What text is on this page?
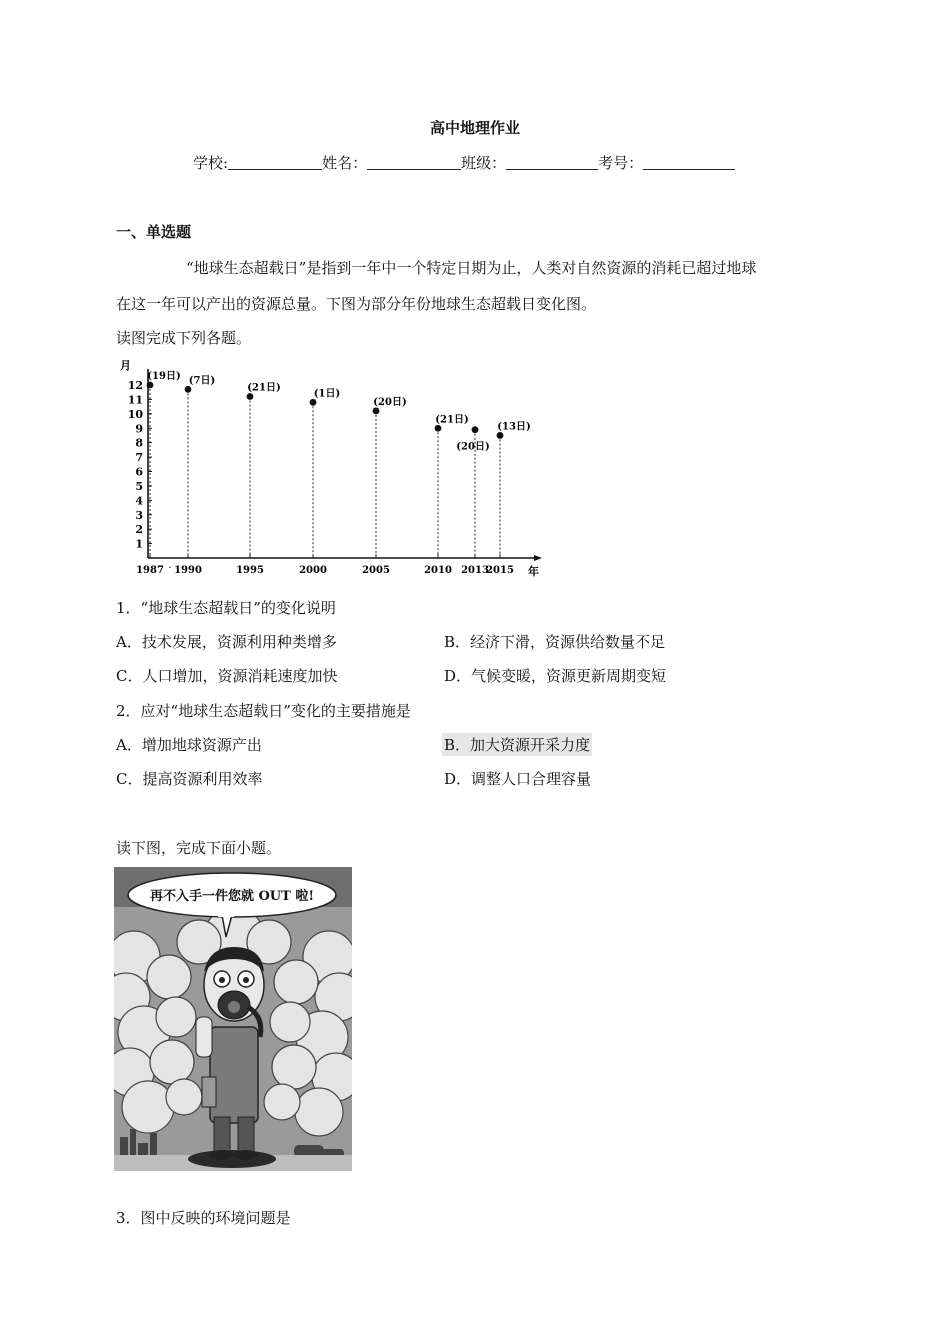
高中地理作业
学校:	姓名：	班级：	考号：
一、单选题
“地球生态超载日”是指到一年中一个特定日期为止，人类对自然资源的消耗已超过地球
在这一年可以产出的资源总量。下图为部分年份地球生态超载日变化图。
读图完成下列各题。
1
2
3
4
5
6
7
8
9
10
11
12
1987 1990	1995	2000	2005	2010 2013
2015
·
(19日) (7日)
(21日)
(1日)
(20日)
(21日)
(20日)
(13日)
月
年
1．“地球生态超载日”的变化说明
A．技术发展，资源利用种类增多	B．经济下滑，资源供给数量不足
C．人口增加，资源消耗速度加快	D．气候变暖，资源更新周期变短
2．应对“地球生态超载日”变化的主要措施是
A．增加地球资源产出	B．加大资源开采力度
C．提高资源利用效率	D．调整人口合理容量
读下图，完成下面小题。
再不入手一件您就 OUT 啦!
3．图中反映的环境问题是
